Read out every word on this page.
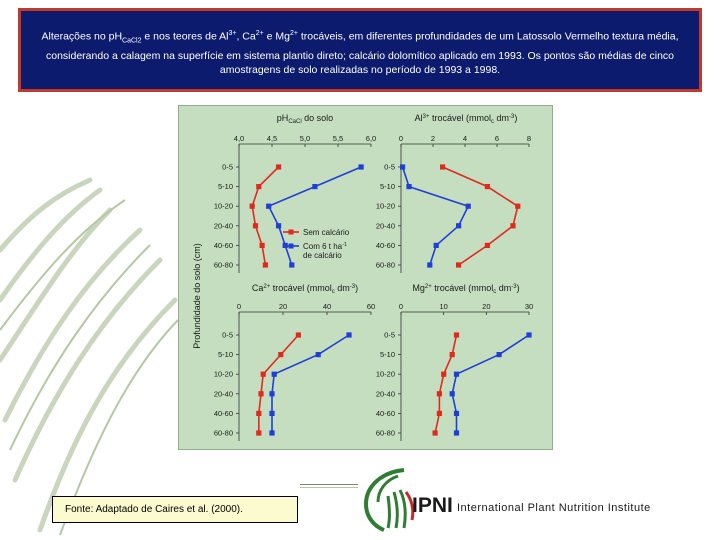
Alterações no $pH_{CaCl2}$ e nos teores de $Al^{3+}$, $Ca^{2+}$ e $Mg^{2+}$ trocáveis, em diferentes profundidades de um Latossolo Vermelho textura média, considerando a calagem na superfície em sistema plantio direto; calcário dolomítico aplicado em 1993. Os pontos são médias de cinco amostragens de solo realizadas no período de 1993 a 1998.
Profundidade do solo (cm)
$pH_{CaCl}$ do solo	$Al^{3+}$ trocável (mmol$_c$ $dm^{-3}$)
$Ca^{2+}$ trocável (mmol$_c$ $dm^{-3}$)	$Mg^{2+}$ trocável (mmol$_c$ $dm^{-3}$)
4,0	4,5	5,0	5,5	6,0
0-5
5-10
10-20
20-40
40-60
60-80
0	2	4	6	8
0-5
5-10
10-20
20-40
40-60
60-80
0	20	40	60
0-5
5-10
10-20
20-40
40-60
60-80
0	10	20	30
0-5
5-10
10-20
20-40
40-60
60-80
Sem calcário
Com 6 t $ha^{-1}$
de calcário
Fonte: Adaptado de Caires et al. (2000).	IPNI International Plant Nutrition Institute
